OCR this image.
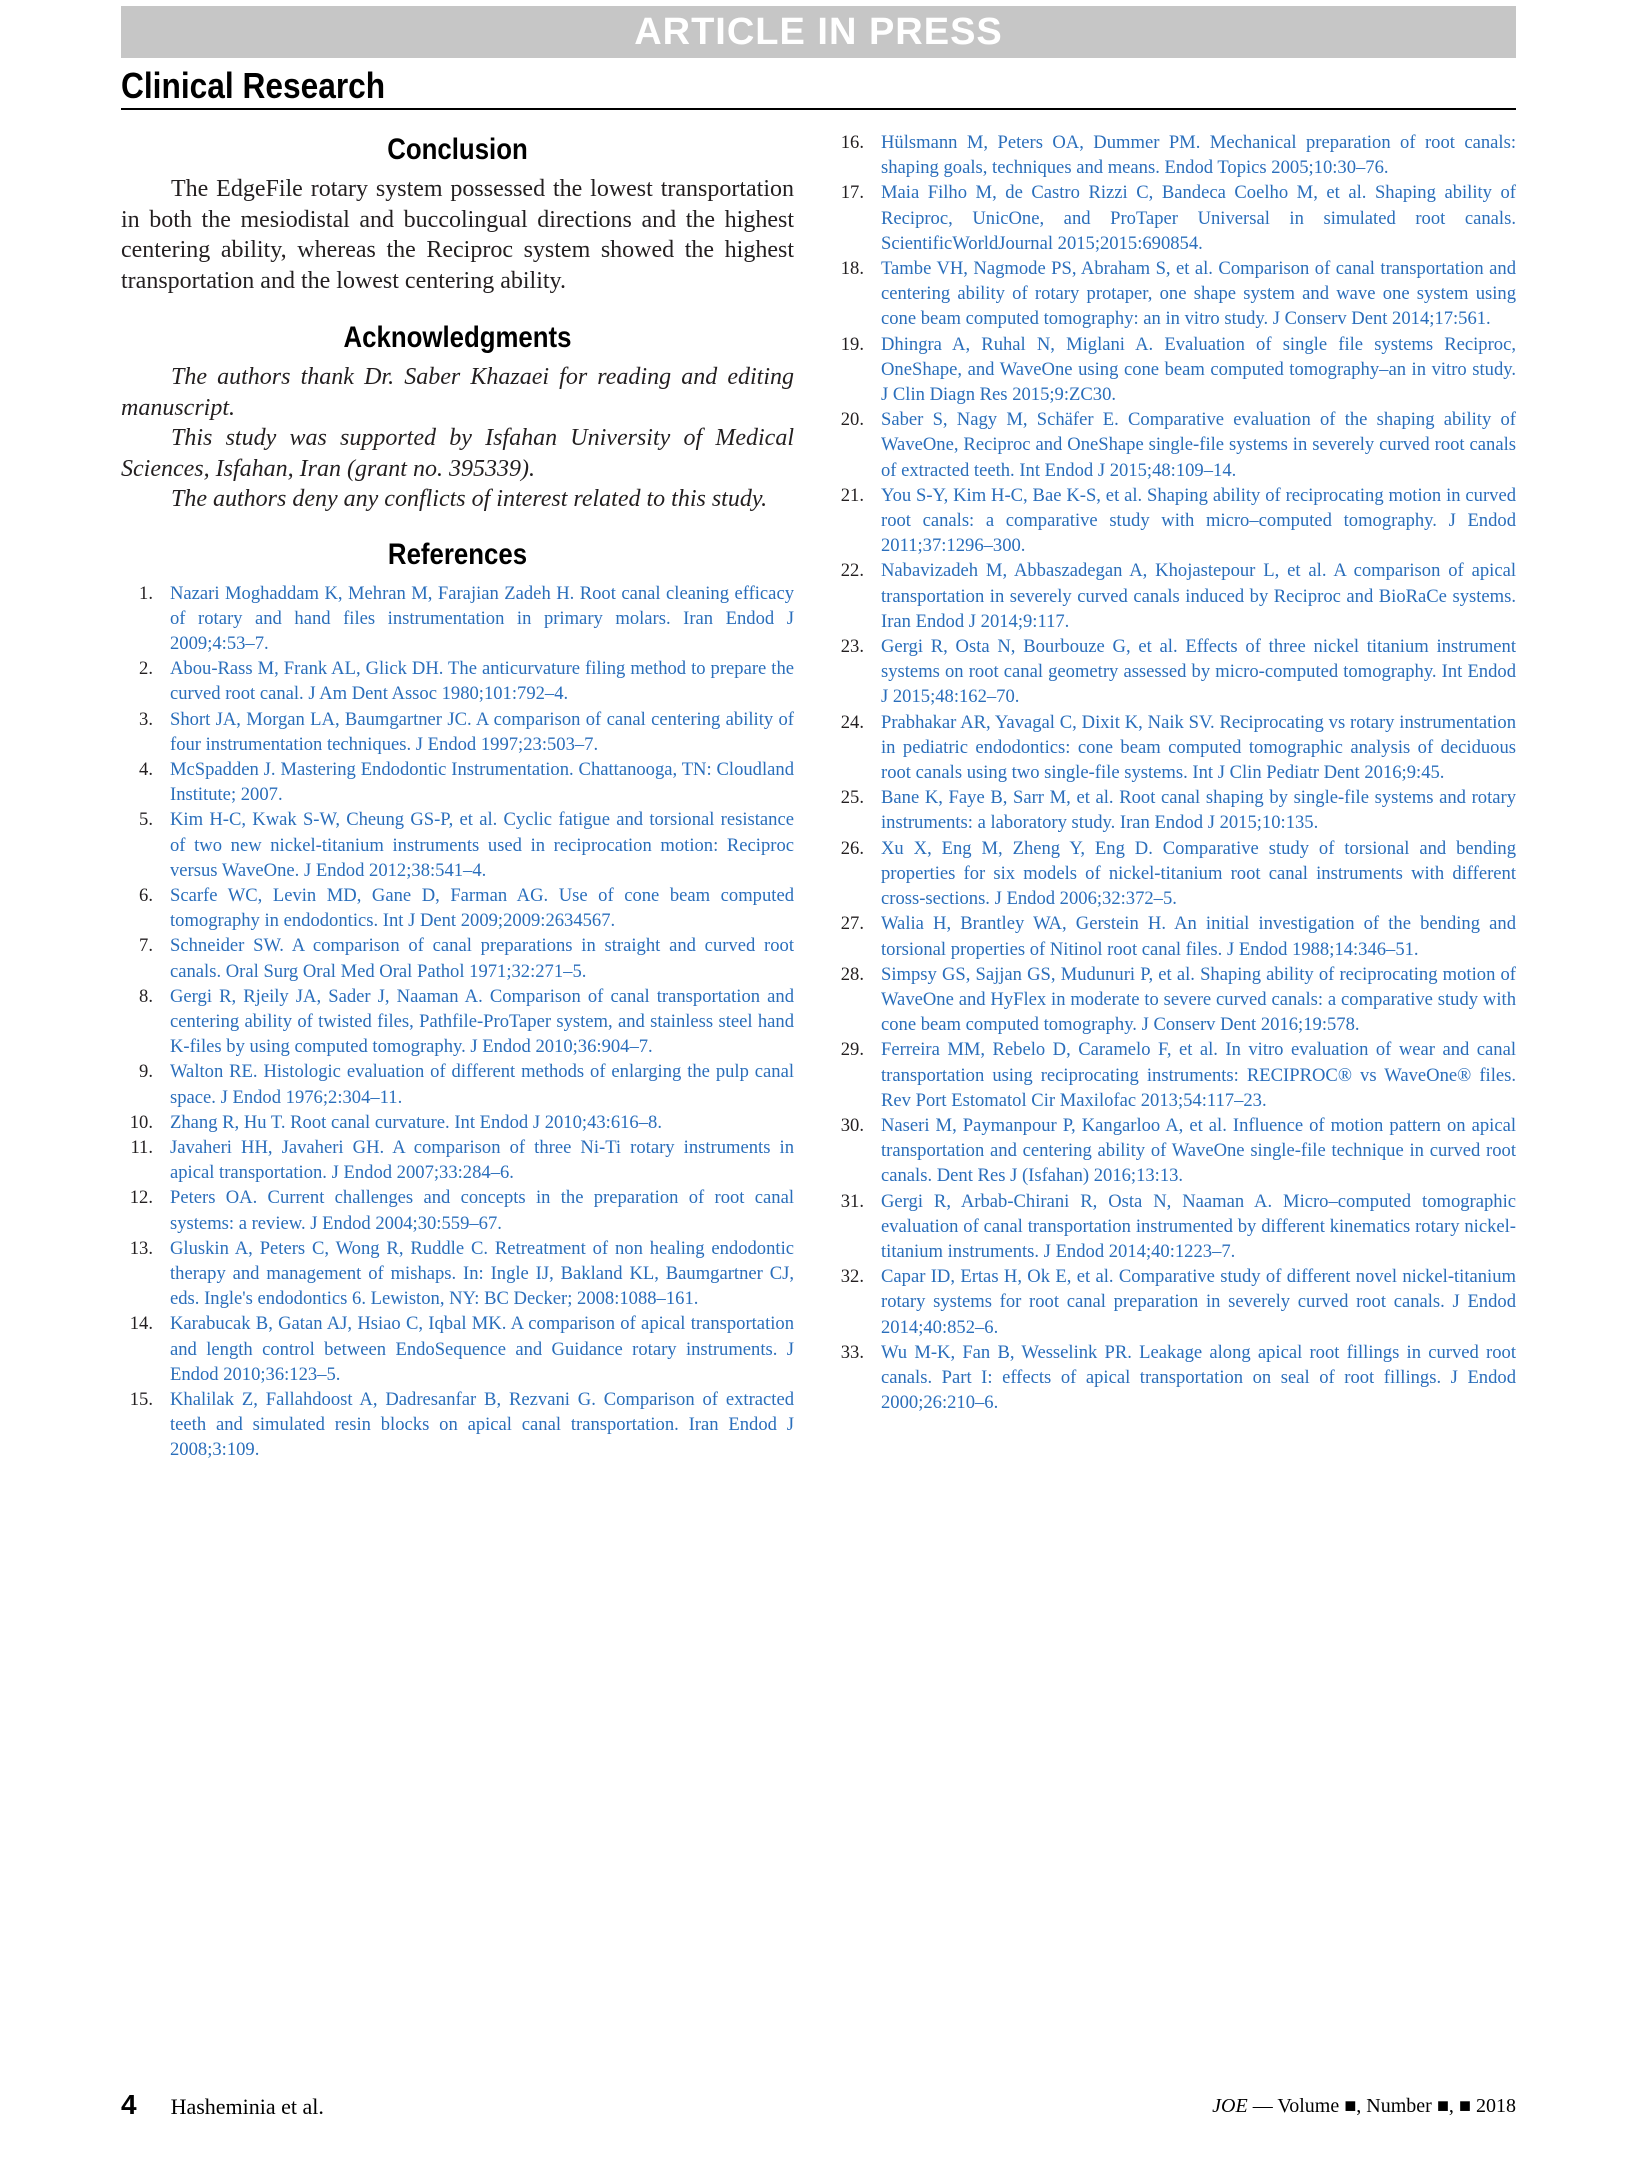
ARTICLE IN PRESS
Clinical Research
Conclusion

The EdgeFile rotary system possessed the lowest transportation in both the mesiodistal and buccolingual directions and the highest centering ability, whereas the Reciproc system showed the highest transportation and the lowest centering ability.

Acknowledgments

The authors thank Dr. Saber Khazaei for reading and editing manuscript.

This study was supported by Isfahan University of Medical Sciences, Isfahan, Iran (grant no. 395339).

The authors deny any conflicts of interest related to this study.

References
1. Nazari Moghaddam K, Mehran M, Farajian Zadeh H. Root canal cleaning efficacy of rotary and hand files instrumentation in primary molars. Iran Endod J 2009;4:53–7.
2. Abou-Rass M, Frank AL, Glick DH. The anticurvature filing method to prepare the curved root canal. J Am Dent Assoc 1980;101:792–4.
3. Short JA, Morgan LA, Baumgartner JC. A comparison of canal centering ability of four instrumentation techniques. J Endod 1997;23:503–7.
4. McSpadden J. Mastering Endodontic Instrumentation. Chattanooga, TN: Cloudland Institute; 2007.
5. Kim H-C, Kwak S-W, Cheung GS-P, et al. Cyclic fatigue and torsional resistance of two new nickel-titanium instruments used in reciprocation motion: Reciproc versus WaveOne. J Endod 2012;38:541–4.
6. Scarfe WC, Levin MD, Gane D, Farman AG. Use of cone beam computed tomography in endodontics. Int J Dent 2009;2009:2634567.
7. Schneider SW. A comparison of canal preparations in straight and curved root canals. Oral Surg Oral Med Oral Pathol 1971;32:271–5.
8. Gergi R, Rjeily JA, Sader J, Naaman A. Comparison of canal transportation and centering ability of twisted files, Pathfile-ProTaper system, and stainless steel hand K-files by using computed tomography. J Endod 2010;36:904–7.
9. Walton RE. Histologic evaluation of different methods of enlarging the pulp canal space. J Endod 1976;2:304–11.
10. Zhang R, Hu T. Root canal curvature. Int Endod J 2010;43:616–8.
11. Javaheri HH, Javaheri GH. A comparison of three Ni-Ti rotary instruments in apical transportation. J Endod 2007;33:284–6.
12. Peters OA. Current challenges and concepts in the preparation of root canal systems: a review. J Endod 2004;30:559–67.
13. Gluskin A, Peters C, Wong R, Ruddle C. Retreatment of non healing endodontic therapy and management of mishaps. In: Ingle IJ, Bakland KL, Baumgartner CJ, eds. Ingle's endodontics 6. Lewiston, NY: BC Decker; 2008:1088–161.
14. Karabucak B, Gatan AJ, Hsiao C, Iqbal MK. A comparison of apical transportation and length control between EndoSequence and Guidance rotary instruments. J Endod 2010;36:123–5.
15. Khalilak Z, Fallahdoost A, Dadresanfar B, Rezvani G. Comparison of extracted teeth and simulated resin blocks on apical canal transportation. Iran Endod J 2008;3:109.
16. Hülsmann M, Peters OA, Dummer PM. Mechanical preparation of root canals: shaping goals, techniques and means. Endod Topics 2005;10:30–76.
17. Maia Filho M, de Castro Rizzi C, Bandeca Coelho M, et al. Shaping ability of Reciproc, UnicOne, and ProTaper Universal in simulated root canals. ScientificWorldJournal 2015;2015:690854.
18. Tambe VH, Nagmode PS, Abraham S, et al. Comparison of canal transportation and centering ability of rotary protaper, one shape system and wave one system using cone beam computed tomography: an in vitro study. J Conserv Dent 2014;17:561.
19. Dhingra A, Ruhal N, Miglani A. Evaluation of single file systems Reciproc, OneShape, and WaveOne using cone beam computed tomography–an in vitro study. J Clin Diagn Res 2015;9:ZC30.
20. Saber S, Nagy M, Schäfer E. Comparative evaluation of the shaping ability of WaveOne, Reciproc and OneShape single-file systems in severely curved root canals of extracted teeth. Int Endod J 2015;48:109–14.
21. You S-Y, Kim H-C, Bae K-S, et al. Shaping ability of reciprocating motion in curved root canals: a comparative study with micro–computed tomography. J Endod 2011;37:1296–300.
22. Nabavizadeh M, Abbaszadegan A, Khojastepour L, et al. A comparison of apical transportation in severely curved canals induced by Reciproc and BioRaCe systems. Iran Endod J 2014;9:117.
23. Gergi R, Osta N, Bourbouze G, et al. Effects of three nickel titanium instrument systems on root canal geometry assessed by micro-computed tomography. Int Endod J 2015;48:162–70.
24. Prabhakar AR, Yavagal C, Dixit K, Naik SV. Reciprocating vs rotary instrumentation in pediatric endodontics: cone beam computed tomographic analysis of deciduous root canals using two single-file systems. Int J Clin Pediatr Dent 2016;9:45.
25. Bane K, Faye B, Sarr M, et al. Root canal shaping by single-file systems and rotary instruments: a laboratory study. Iran Endod J 2015;10:135.
26. Xu X, Eng M, Zheng Y, Eng D. Comparative study of torsional and bending properties for six models of nickel-titanium root canal instruments with different cross-sections. J Endod 2006;32:372–5.
27. Walia H, Brantley WA, Gerstein H. An initial investigation of the bending and torsional properties of Nitinol root canal files. J Endod 1988;14:346–51.
28. Simpsy GS, Sajjan GS, Mudunuri P, et al. Shaping ability of reciprocating motion of WaveOne and HyFlex in moderate to severe curved canals: a comparative study with cone beam computed tomography. J Conserv Dent 2016;19:578.
29. Ferreira MM, Rebelo D, Caramelo F, et al. In vitro evaluation of wear and canal transportation using reciprocating instruments: RECIPROC® vs WaveOne® files. Rev Port Estomatol Cir Maxilofac 2013;54:117–23.
30. Naseri M, Paymanpour P, Kangarloo A, et al. Influence of motion pattern on apical transportation and centering ability of WaveOne single-file technique in curved root canals. Dent Res J (Isfahan) 2016;13:13.
31. Gergi R, Arbab-Chirani R, Osta N, Naaman A. Micro–computed tomographic evaluation of canal transportation instrumented by different kinematics rotary nickel-titanium instruments. J Endod 2014;40:1223–7.
32. Capar ID, Ertas H, Ok E, et al. Comparative study of different novel nickel-titanium rotary systems for root canal preparation in severely curved root canals. J Endod 2014;40:852–6.
33. Wu M-K, Fan B, Wesselink PR. Leakage along apical root fillings in curved root canals. Part I: effects of apical transportation on seal of root fillings. J Endod 2000;26:210–6.
4 Hasheminia et al.	JOE — Volume ■, Number ■, ■ 2018
